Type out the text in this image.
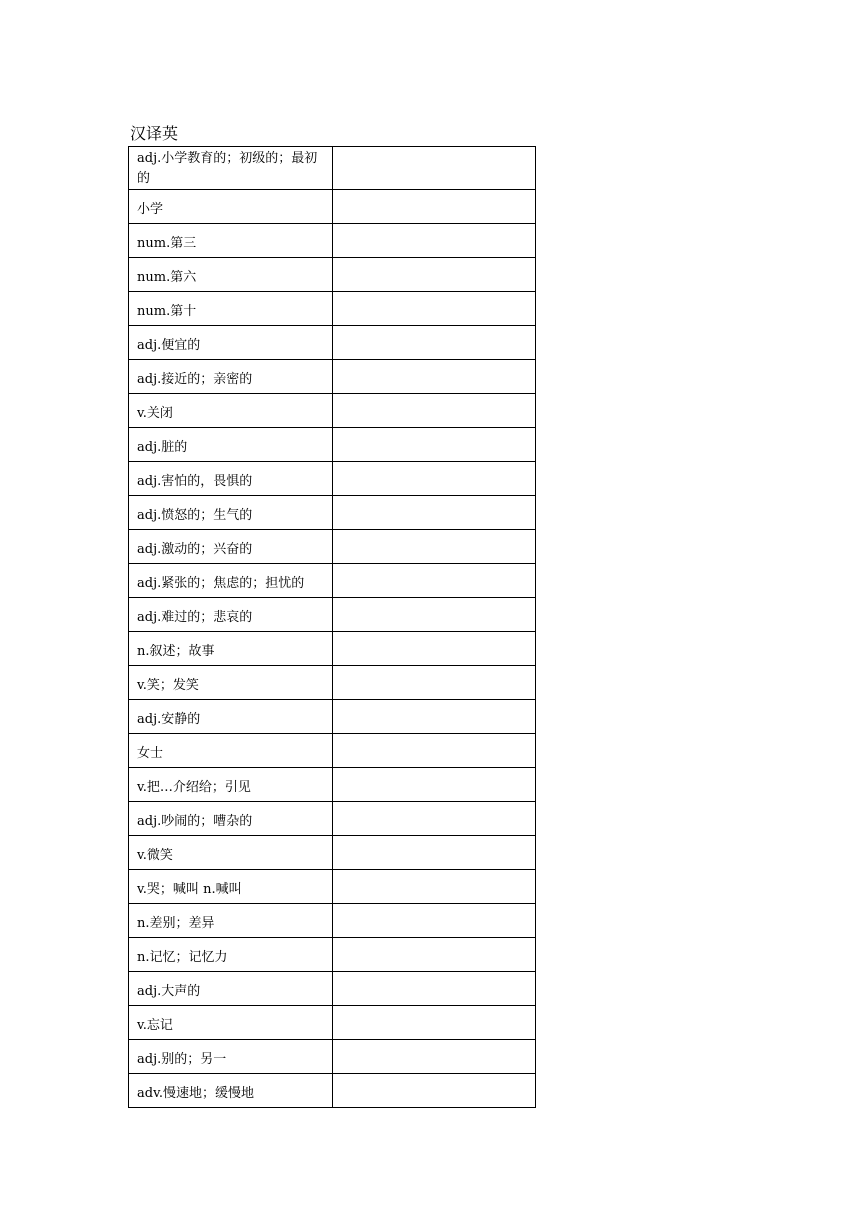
汉译英
adj.小学教育的；初级的；最初的	

小学	

num.第三	

num.第六	

num.第十	

adj.便宜的	

adj.接近的；亲密的	

v.关闭	

adj.脏的	

adj.害怕的，畏惧的	

adj.愤怒的；生气的	

adj.激动的；兴奋的	

adj.紧张的；焦虑的；担忧的	

adj.难过的；悲哀的	

n.叙述；故事	

v.笑；发笑	

adj.安静的	

女士	

v.把…介绍给；引见	

adj.吵闹的；嘈杂的	

v.微笑	

v.哭；喊叫 n.喊叫	

n.差别；差异	

n.记忆；记忆力	

adj.大声的	

v.忘记	

adj.别的；另一	

adv.慢速地；缓慢地	
